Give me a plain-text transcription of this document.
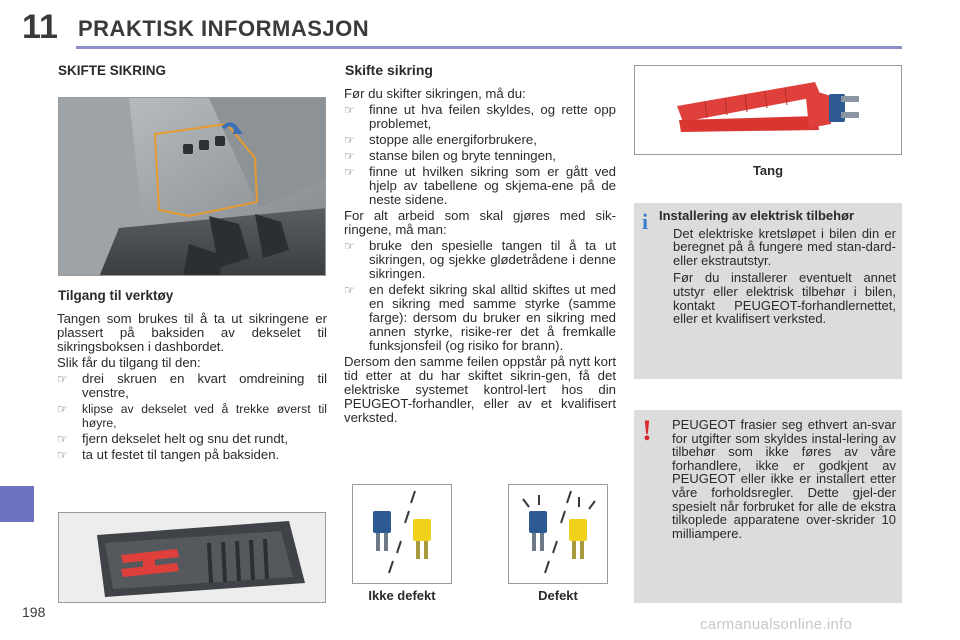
11 PRAKTISK INFORMASJON
SKIFTE SIKRING
Tilgang til verktøy

Tangen som brukes til å ta ut sikringene er plassert på baksiden av dekselet til sikringsboksen i dashbordet.

Slik får du tilgang til den:

☞ drei skruen en kvart omdreining til venstre,
☞ klipse av dekselet ved å trekke øverst til høyre,
☞ fjern dekselet helt og snu det rundt,
☞ ta ut festet til tangen på baksiden.
Skifte sikring

Før du skifter sikringen, må du:

☞ finne ut hva feilen skyldes, og rette opp problemet,
☞ stoppe alle energiforbrukere,
☞ stanse bilen og bryte tenningen,
☞ finne ut hvilken sikring som er gått ved hjelp av tabellene og skjema-ene på de neste sidene.

For alt arbeid som skal gjøres med sik-ringene, må man:

☞ bruke den spesielle tangen til å ta ut sikringen, og sjekke glødetrådene i denne sikringen.
☞ en defekt sikring skal alltid skiftes ut med en sikring med samme styrke (samme farge): dersom du bruker en sikring med annen styrke, risike-rer det å fremkalle funksjonsfeil (og risiko for brann).

Dersom den samme feilen oppstår på nytt kort tid etter at du har skiftet sikrin-gen, få det elektriske systemet kontrol-lert hos din PEUGEOT-forhandler, eller av et kvalifisert verksted.

Ikke defekt	Defekt
Tang
i Installering av elektrisk tilbehør

Det elektriske kretsløpet i bilen din er beregnet på å fungere med stan-dard- eller ekstrautstyr.

Før du installerer eventuelt annet utstyr eller elektrisk tilbehør i bilen, kontakt PEUGEOT-forhandlernettet, eller et kvalifisert verksted.

! PEUGEOT frasier seg ethvert an-svar for utgifter som skyldes instal-lering av tilbehør som ikke føres av våre forhandlere, ikke er godkjent av PEUGEOT eller ikke er installert etter våre forholdsregler. Dette gjel-der spesielt når forbruket for alle de ekstra tilkoplede apparatene over-skrider 10 milliampere.
198
carmanualsonline.info
